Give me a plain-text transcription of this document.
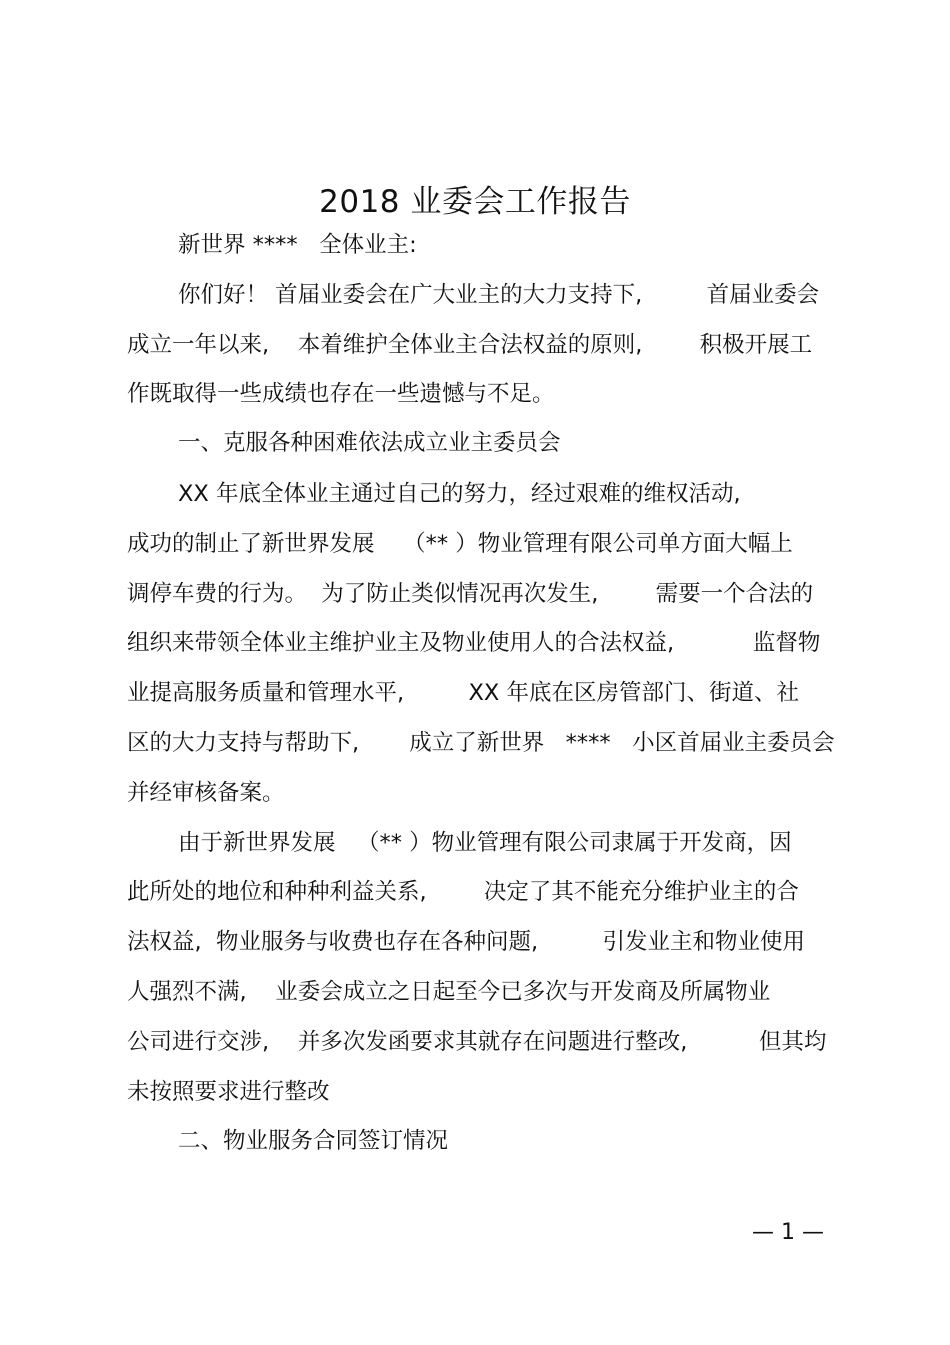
2018 业委会工作报告
新世界 ****   全体业主:
你们好！ 首届业委会在广大业主的大力支持下,         首届业委会
成立一年以来,    本着维护全体业主合法权益的原则,        积极开展工
作既取得一些成绩也存在一些遗憾与不足。
一、克服各种困难依法成立业主委员会
XX 年底全体业主通过自己的努力，经过艰难的维权活动,
成功的制止了新世界发展    （** ）物业管理有限公司单方面大幅上
调停车费的行为。  为了防止类似情况再次发生,        需要一个合法的
组织来带领全体业主维护业主及物业使用人的合法权益,           监督物
业提高服务质量和管理水平,         XX 年底在区房管部门、街道、社
区的大力支持与帮助下,       成立了新世界   ****   小区首届业主委员会
并经审核备案。
由于新世界发展   （** ）物业管理有限公司隶属于开发商，因
此所处的地位和种种利益关系,        决定了其不能充分维护业主的合
法权益,  物业服务与收费也存在各种问题,         引发业主和物业使用
人强烈不满,    业委会成立之日起至今已多次与开发商及所属物业
公司进行交涉,    并多次发函要求其就存在问题进行整改,          但其均
未按照要求进行整改
二、物业服务合同签订情况
— 1 —
